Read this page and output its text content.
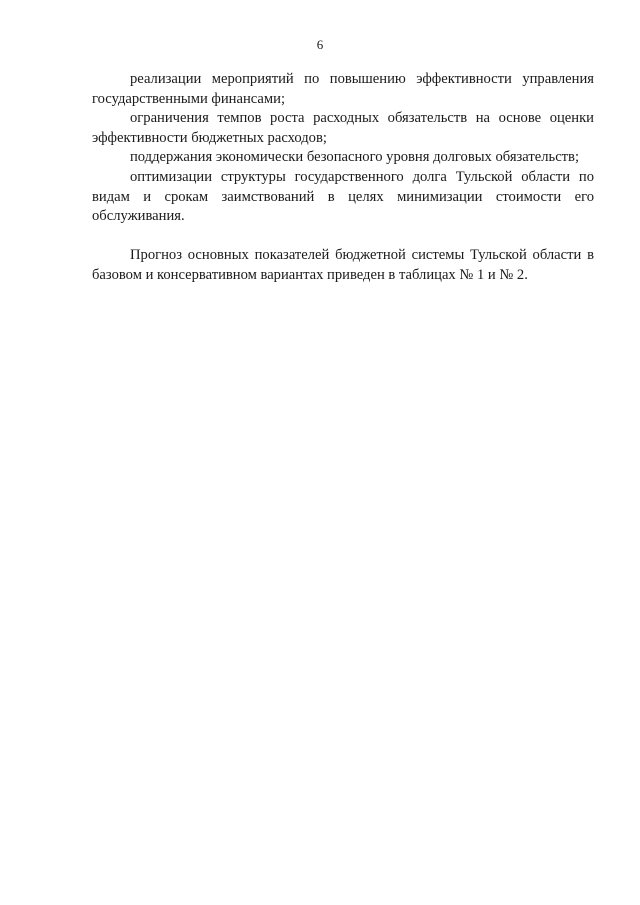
6

реализации мероприятий по повышению эффективности управления государственными финансами;

ограничения темпов роста расходных обязательств на основе оценки эффективности бюджетных расходов;

поддержания экономически безопасного уровня долговых обязательств;

оптимизации структуры государственного долга Тульской области по видам и срокам заимствований в целях минимизации стоимости его обслуживания.

Прогноз основных показателей бюджетной системы Тульской области в базовом и консервативном вариантах приведен в таблицах № 1 и № 2.
